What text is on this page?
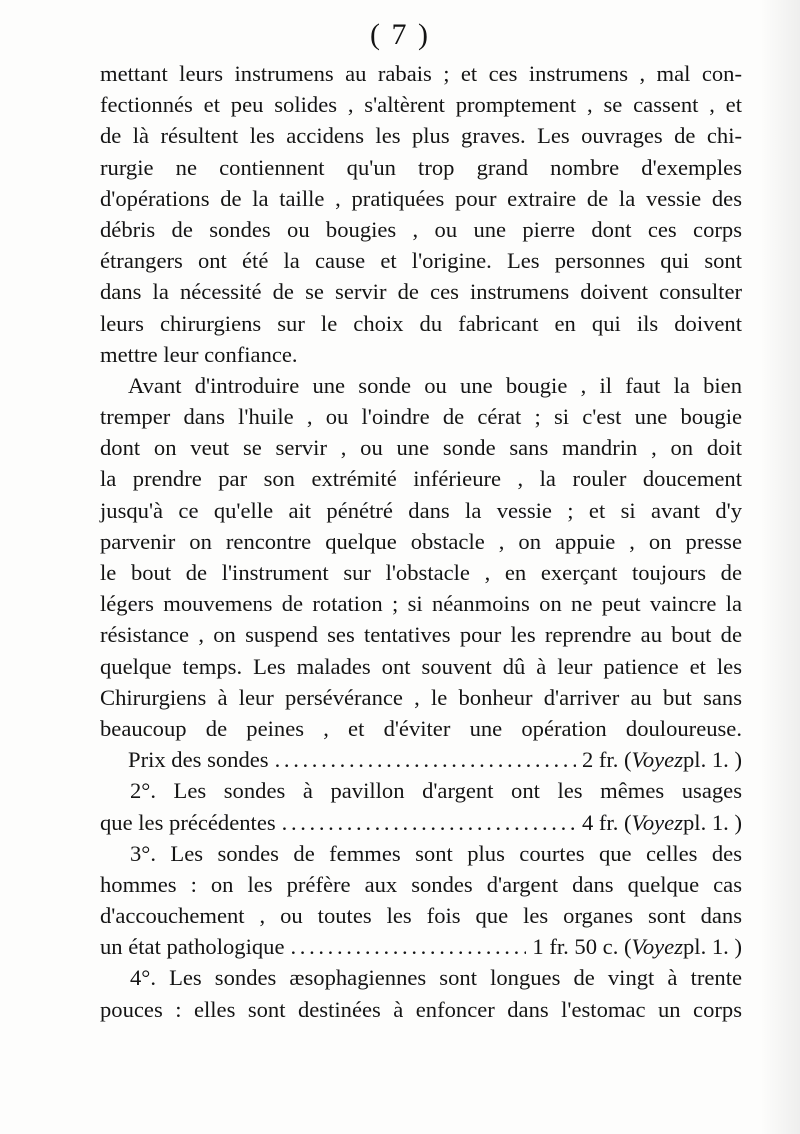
( 7 )
mettant leurs instrumens au rabais ; et ces instrumens , mal con-
fectionnés et peu solides , s'altèrent promptement , se cassent , et
de là résultent les accidens les plus graves. Les ouvrages de chi-
rurgie ne contiennent qu'un trop grand nombre d'exemples
d'opérations de la taille , pratiquées pour extraire de la vessie des
débris de sondes ou bougies , ou une pierre dont ces corps
étrangers ont été la cause et l'origine. Les personnes qui sont
dans la nécessité de se servir de ces instrumens doivent consulter
leurs chirurgiens sur le choix du fabricant en qui ils doivent
mettre leur confiance.
Avant d'introduire une sonde ou une bougie , il faut la bien
tremper dans l'huile , ou l'oindre de cérat ; si c'est une bougie
dont on veut se servir , ou une sonde sans mandrin , on doit
la prendre par son extrémité inférieure , la rouler doucement
jusqu'à ce qu'elle ait pénétré dans la vessie ; et si avant d'y
parvenir on rencontre quelque obstacle , on appuie , on presse
le bout de l'instrument sur l'obstacle , en exerçant toujours de
légers mouvemens de rotation ; si néanmoins on ne peut vaincre la
résistance , on suspend ses tentatives pour les reprendre au bout de
quelque temps. Les malades ont souvent dû à leur patience et les
Chirurgiens à leur persévérance , le bonheur d'arriver au but sans
beaucoup de peines , et d'éviter une opération douloureuse.
Prix des sondes . . .	2 fr.
( Voyez pl. 1. )
2°. Les sondes à pavillon d'argent ont les mêmes usages
que les précédentes . . .	4 fr.
( Voyez pl. 1. )
3°. Les sondes de femmes sont plus courtes que celles des
hommes : on les préfère aux sondes d'argent dans quelque cas
d'accouchement , ou toutes les fois que les organes sont dans
un état pathologique . . .	1 fr. 50 c.
( Voyez pl. 1. )
4°. Les sondes æsophagiennes sont longues de vingt à trente
pouces : elles sont destinées à enfoncer dans l'estomac un corps
